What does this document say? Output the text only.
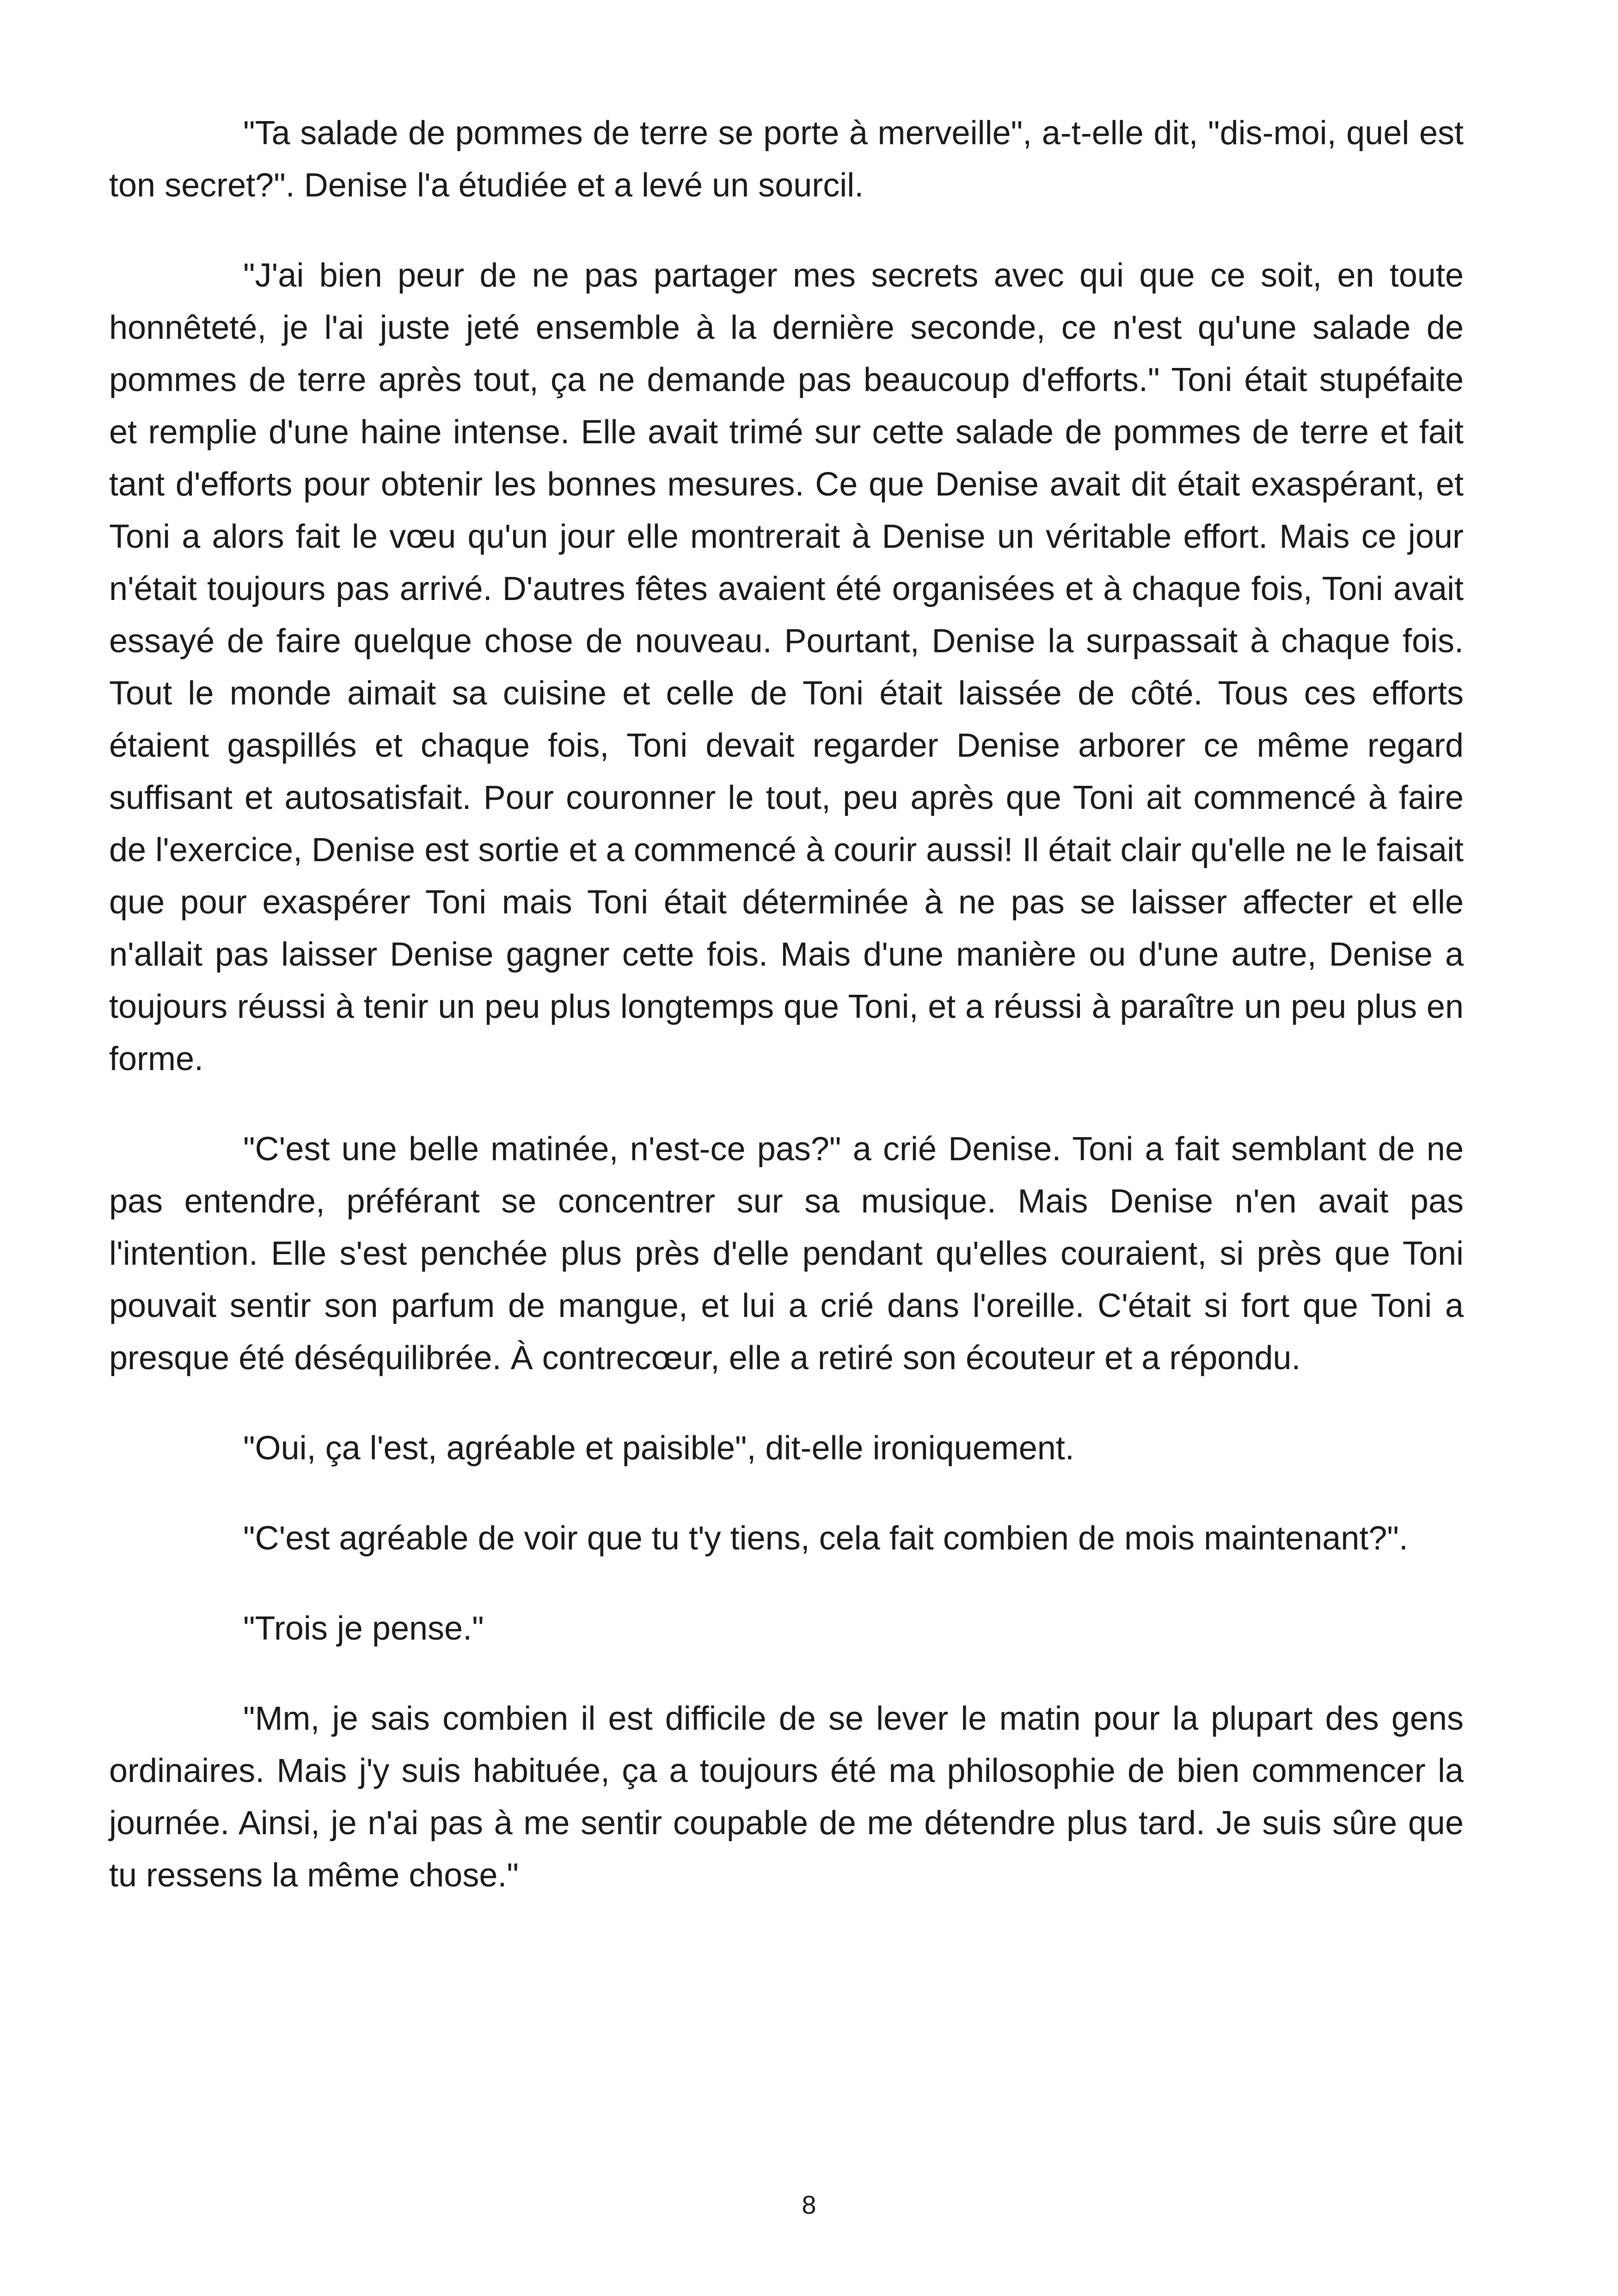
"Ta salade de pommes de terre se porte à merveille", a-t-elle dit, "dis-moi, quel est ton secret?". Denise l'a étudiée et a levé un sourcil.

"J'ai bien peur de ne pas partager mes secrets avec qui que ce soit, en toute honnêteté, je l'ai juste jeté ensemble à la dernière seconde, ce n'est qu'une salade de pommes de terre après tout, ça ne demande pas beaucoup d'efforts." Toni était stupéfaite et remplie d'une haine intense. Elle avait trimé sur cette salade de pommes de terre et fait tant d'efforts pour obtenir les bonnes mesures. Ce que Denise avait dit était exaspérant, et Toni a alors fait le vœu qu'un jour elle montrerait à Denise un véritable effort. Mais ce jour n'était toujours pas arrivé. D'autres fêtes avaient été organisées et à chaque fois, Toni avait essayé de faire quelque chose de nouveau. Pourtant, Denise la surpassait à chaque fois. Tout le monde aimait sa cuisine et celle de Toni était laissée de côté. Tous ces efforts étaient gaspillés et chaque fois, Toni devait regarder Denise arborer ce même regard suffisant et autosatisfait. Pour couronner le tout, peu après que Toni ait commencé à faire de l'exercice, Denise est sortie et a commencé à courir aussi! Il était clair qu'elle ne le faisait que pour exaspérer Toni mais Toni était déterminée à ne pas se laisser affecter et elle n'allait pas laisser Denise gagner cette fois. Mais d'une manière ou d'une autre, Denise a toujours réussi à tenir un peu plus longtemps que Toni, et a réussi à paraître un peu plus en forme.

"C'est une belle matinée, n'est-ce pas?" a crié Denise. Toni a fait semblant de ne pas entendre, préférant se concentrer sur sa musique. Mais Denise n'en avait pas l'intention. Elle s'est penchée plus près d'elle pendant qu'elles couraient, si près que Toni pouvait sentir son parfum de mangue, et lui a crié dans l'oreille. C'était si fort que Toni a presque été déséquilibrée. À contrecœur, elle a retiré son écouteur et a répondu.

"Oui, ça l'est, agréable et paisible", dit-elle ironiquement.

"C'est agréable de voir que tu t'y tiens, cela fait combien de mois maintenant?".

"Trois je pense."

"Mm, je sais combien il est difficile de se lever le matin pour la plupart des gens ordinaires. Mais j'y suis habituée, ça a toujours été ma philosophie de bien commencer la journée. Ainsi, je n'ai pas à me sentir coupable de me détendre plus tard. Je suis sûre que tu ressens la même chose."

8
